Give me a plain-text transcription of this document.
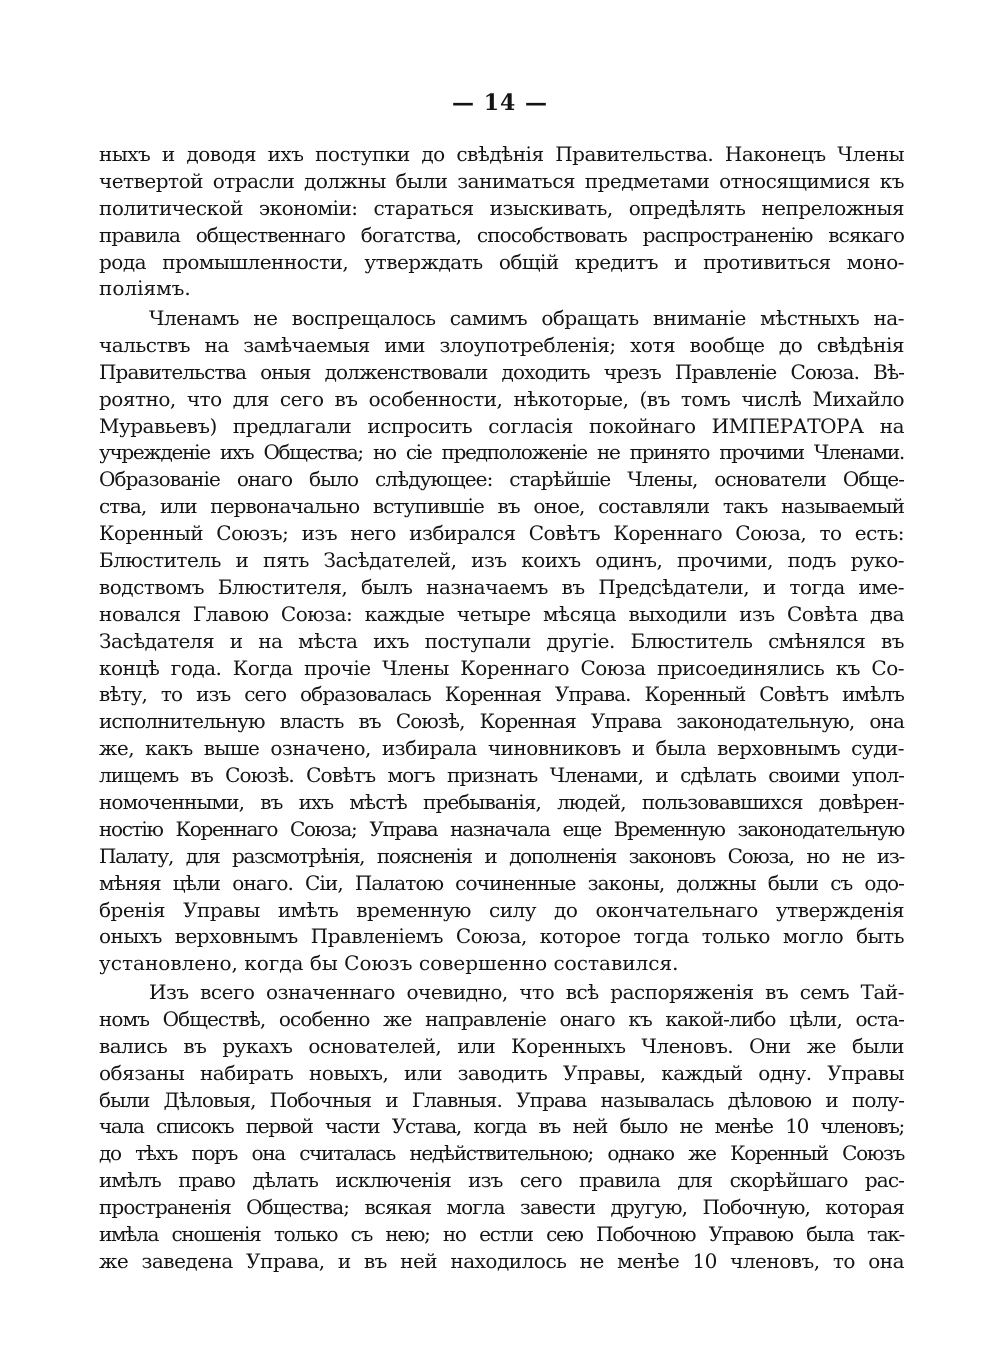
— 14 —
ныхъ и доводя ихъ поступки до свѣдѣнія Правительства. Наконецъ Члены
четвертой отрасли должны были заниматься предметами относящимися къ
политической экономіи: стараться изыскивать, опредѣлять непреложныя
правила общественнаго богатства, способствовать распространенію всякаго
рода промышленности, утверждать общій кредитъ и противиться моно-
поліямъ.
Членамъ не воспрещалось самимъ обращать вниманіе мѣстныхъ на-
чальствъ на замѣчаемыя ими злоупотребленія; хотя вообще до свѣдѣнія
Правительства оныя долженствовали доходить чрезъ Правленіе Союза. Вѣ-
роятно, что для сего въ особенности, нѣкоторые, (въ томъ числѣ Михайло
Муравьевъ) предлагали испросить согласія покойнаго ИМПЕРАТОРА на
учрежденіе ихъ Общества; но сіе предположеніе не принято прочими Членами.
Образованіе онаго было слѣдующее: старѣйшіе Члены, основатели Обще-
ства, или первоначально вступившіе въ оное, составляли такъ называемый
Коренный Союзъ; изъ него избирался Совѣтъ Кореннаго Союза, то есть:
Блюститель и пять Засѣдателей, изъ коихъ одинъ, прочими, подъ руко-
водствомъ Блюстителя, былъ назначаемъ въ Предсѣдатели, и тогда име-
новался Главою Союза: каждые четыре мѣсяца выходили изъ Совѣта два
Засѣдателя и на мѣста ихъ поступали другіе. Блюститель смѣнялся въ
концѣ года. Когда прочіе Члены Кореннаго Союза присоединялись къ Со-
вѣту, то изъ сего образовалась Коренная Управа. Коренный Совѣтъ имѣлъ
исполнительную власть въ Союзѣ, Коренная Управа законодательную, она
же, какъ выше означено, избирала чиновниковъ и была верховнымъ суди-
лищемъ въ Союзѣ. Совѣтъ могъ признать Членами, и сдѣлать своими упол-
номоченными, въ ихъ мѣстѣ пребыванія, людей, пользовавшихся довѣрен-
ностію Кореннаго Союза; Управа назначала еще Временную законодательную
Палату, для разсмотрѣнія, поясненія и дополненія законовъ Союза, но не из-
мѣняя цѣли онаго. Сіи, Палатою сочиненные законы, должны были съ одо-
бренія Управы имѣть временную силу до окончательнаго утвержденія
оныхъ верховнымъ Правленіемъ Союза, которое тогда только могло быть
установлено, когда бы Союзъ совершенно составился.
Изъ всего означеннаго очевидно, что всѣ распоряженія въ семъ Тай-
номъ Обществѣ, особенно же направленіе онаго къ какой-либо цѣли, оста-
вались въ рукахъ основателей, или Коренныхъ Членовъ. Они же были
обязаны набирать новыхъ, или заводить Управы, каждый одну. Управы
были Дѣловыя, Побочныя и Главныя. Управа называлась дѣловою и полу-
чала списокъ первой части Устава, когда въ ней было не менѣе 10 членовъ;
до тѣхъ поръ она считалась недѣйствительною; однако же Коренный Союзъ
имѣлъ право дѣлать исключенія изъ сего правила для скорѣйшаго рас-
пространенія Общества; всякая могла завести другую, Побочную, которая
имѣла сношенія только съ нею; но естли сею Побочною Управою была так-
же заведена Управа, и въ ней находилось не менѣе 10 членовъ, то она
